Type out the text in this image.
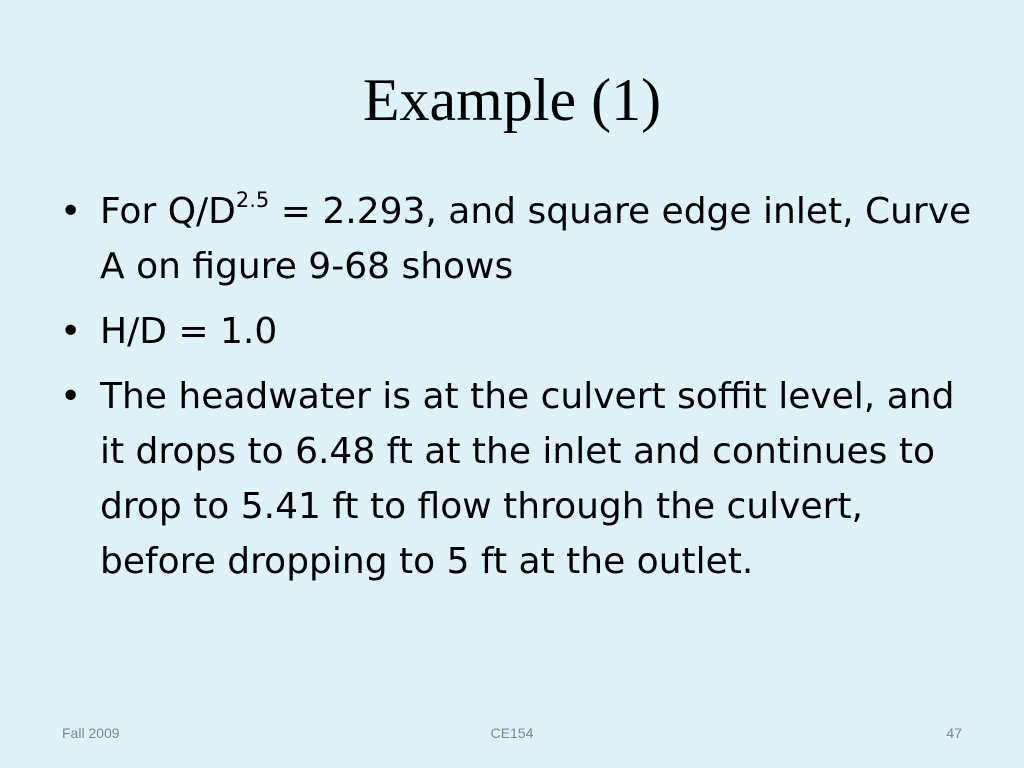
Example (1)
• For $Q/D^{2.5} = 2.293$, and square edge inlet, Curve A on figure 9-68 shows
• H/D = 1.0
• The headwater is at the culvert soffit level, and it drops to 6.48 ft at the inlet and continues to drop to 5.41 ft to flow through the culvert, before dropping to 5 ft at the outlet.
Fall 2009	CE154	47
